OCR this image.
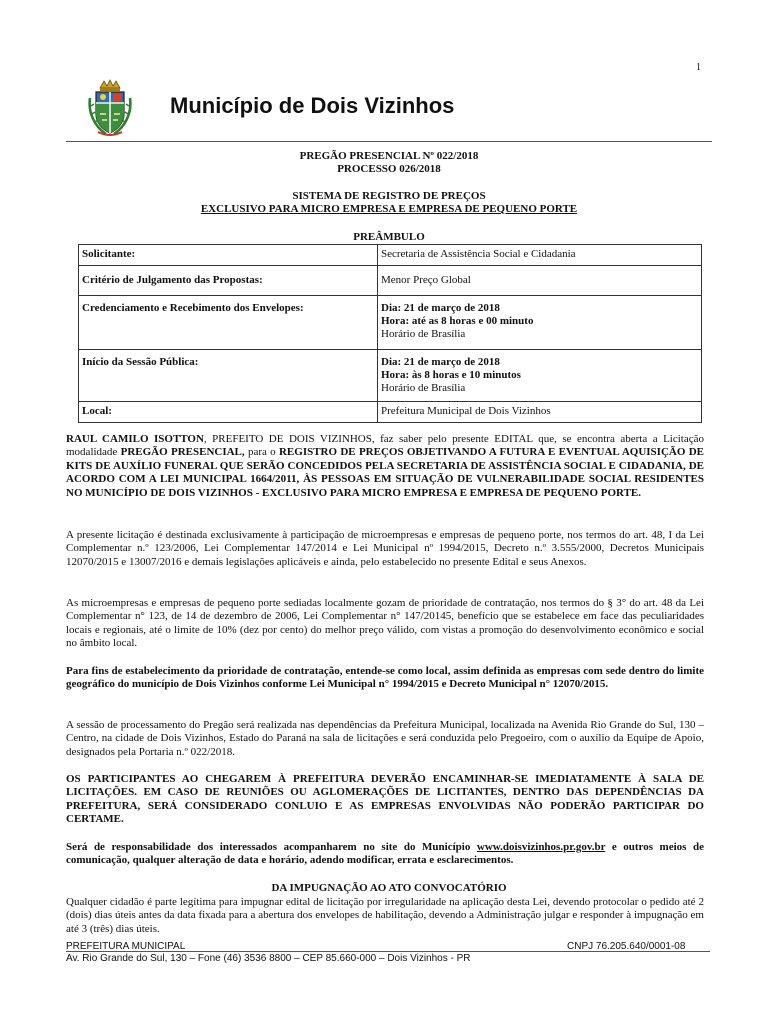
1
Município de Dois Vizinhos
PREGÃO PRESENCIAL Nº 022/2018
PROCESSO 026/2018
SISTEMA DE REGISTRO DE PREÇOS
EXCLUSIVO PARA MICRO EMPRESA E EMPRESA DE PEQUENO PORTE
PREÂMBULO
Solicitante:	Secretaria de Assistência Social e Cidadania
Critério de Julgamento das Propostas:	Menor Preço Global
Credenciamento e Recebimento dos Envelopes:	Dia: 21 de março de 2018
Hora: até as 8 horas e 00 minuto
Horário de Brasília

Início da Sessão Pública:	Dia: 21 de março de 2018
Hora: às 8 horas e 10 minutos
Horário de Brasília

Local:	Prefeitura Municipal de Dois Vizinhos
RAUL CAMILO ISOTTON, PREFEITO DE DOIS VIZINHOS, faz saber pelo presente EDITAL que, se encontra aberta a Licitação modalidade PREGÃO PRESENCIAL, para o REGISTRO DE PREÇOS OBJETIVANDO A FUTURA E EVENTUAL AQUISIÇÃO DE KITS DE AUXÍLIO FUNERAL QUE SERÃO CONCEDIDOS PELA SECRETARIA DE ASSISTÊNCIA SOCIAL E CIDADANIA, DE ACORDO COM A LEI MUNICIPAL 1664/2011, ÀS PESSOAS EM SITUAÇÃO DE VULNERABILIDADE SOCIAL RESIDENTES NO MUNICÍPIO DE DOIS VIZINHOS - EXCLUSIVO PARA MICRO EMPRESA E EMPRESA DE PEQUENO PORTE.
A presente licitação é destinada exclusivamente à participação de microempresas e empresas de pequeno porte, nos termos do art. 48, I da Lei Complementar n.º 123/2006, Lei Complementar 147/2014 e Lei Municipal nº 1994/2015, Decreto n.º 3.555/2000, Decretos Municipais 12070/2015 e 13007/2016 e demais legislações aplicáveis e ainda, pelo estabelecido no presente Edital e seus Anexos.
As microempresas e empresas de pequeno porte sediadas localmente gozam de prioridade de contratação, nos termos do § 3° do art. 48 da Lei Complementar n° 123, de 14 de dezembro de 2006, Lei Complementar n° 147/20145, benefício que se estabelece em face das peculiaridades locais e regionais, até o limite de 10% (dez por cento) do melhor preço válido, com vistas a promoção do desenvolvimento econômico e social no âmbito local.
Para fins de estabelecimento da prioridade de contratação, entende-se como local, assim definida as empresas com sede dentro do limite geográfico do município de Dois Vizinhos conforme Lei Municipal n° 1994/2015 e Decreto Municipal n° 12070/2015.
A sessão de processamento do Pregão será realizada nas dependências da Prefeitura Municipal, localizada na Avenida Rio Grande do Sul, 130 – Centro, na cidade de Dois Vizinhos, Estado do Paraná na sala de licitações e será conduzida pelo Pregoeiro, com o auxílio da Equipe de Apoio, designados pela Portaria n.º 022/2018.
OS PARTICIPANTES AO CHEGAREM À PREFEITURA DEVERÃO ENCAMINHAR-SE IMEDIATAMENTE À SALA DE LICITAÇÕES. EM CASO DE REUNIÕES OU AGLOMERAÇÕES DE LICITANTES, DENTRO DAS DEPENDÊNCIAS DA PREFEITURA, SERÁ CONSIDERADO CONLUIO E AS EMPRESAS ENVOLVIDAS NÃO PODERÃO PARTICIPAR DO CERTAME.
Será de responsabilidade dos interessados acompanharem no site do Município www.doisvizinhos.pr.gov.br e outros meios de comunicação, qualquer alteração de data e horário, adendo modificar, errata e esclarecimentos.
DA IMPUGNAÇÃO AO ATO CONVOCATÓRIO
Qualquer cidadão é parte legítima para impugnar edital de licitação por irregularidade na aplicação desta Lei, devendo protocolar o pedido até 2 (dois) dias úteis antes da data fixada para a abertura dos envelopes de habilitação, devendo a Administração julgar e responder à impugnação em até 3 (três) dias úteis.
PREFEITURA MUNICIPAL	CNPJ 76.205.640/0001-08
Av. Rio Grande do Sul, 130 – Fone (46) 3536 8800 – CEP 85.660-000 – Dois Vizinhos - PR
